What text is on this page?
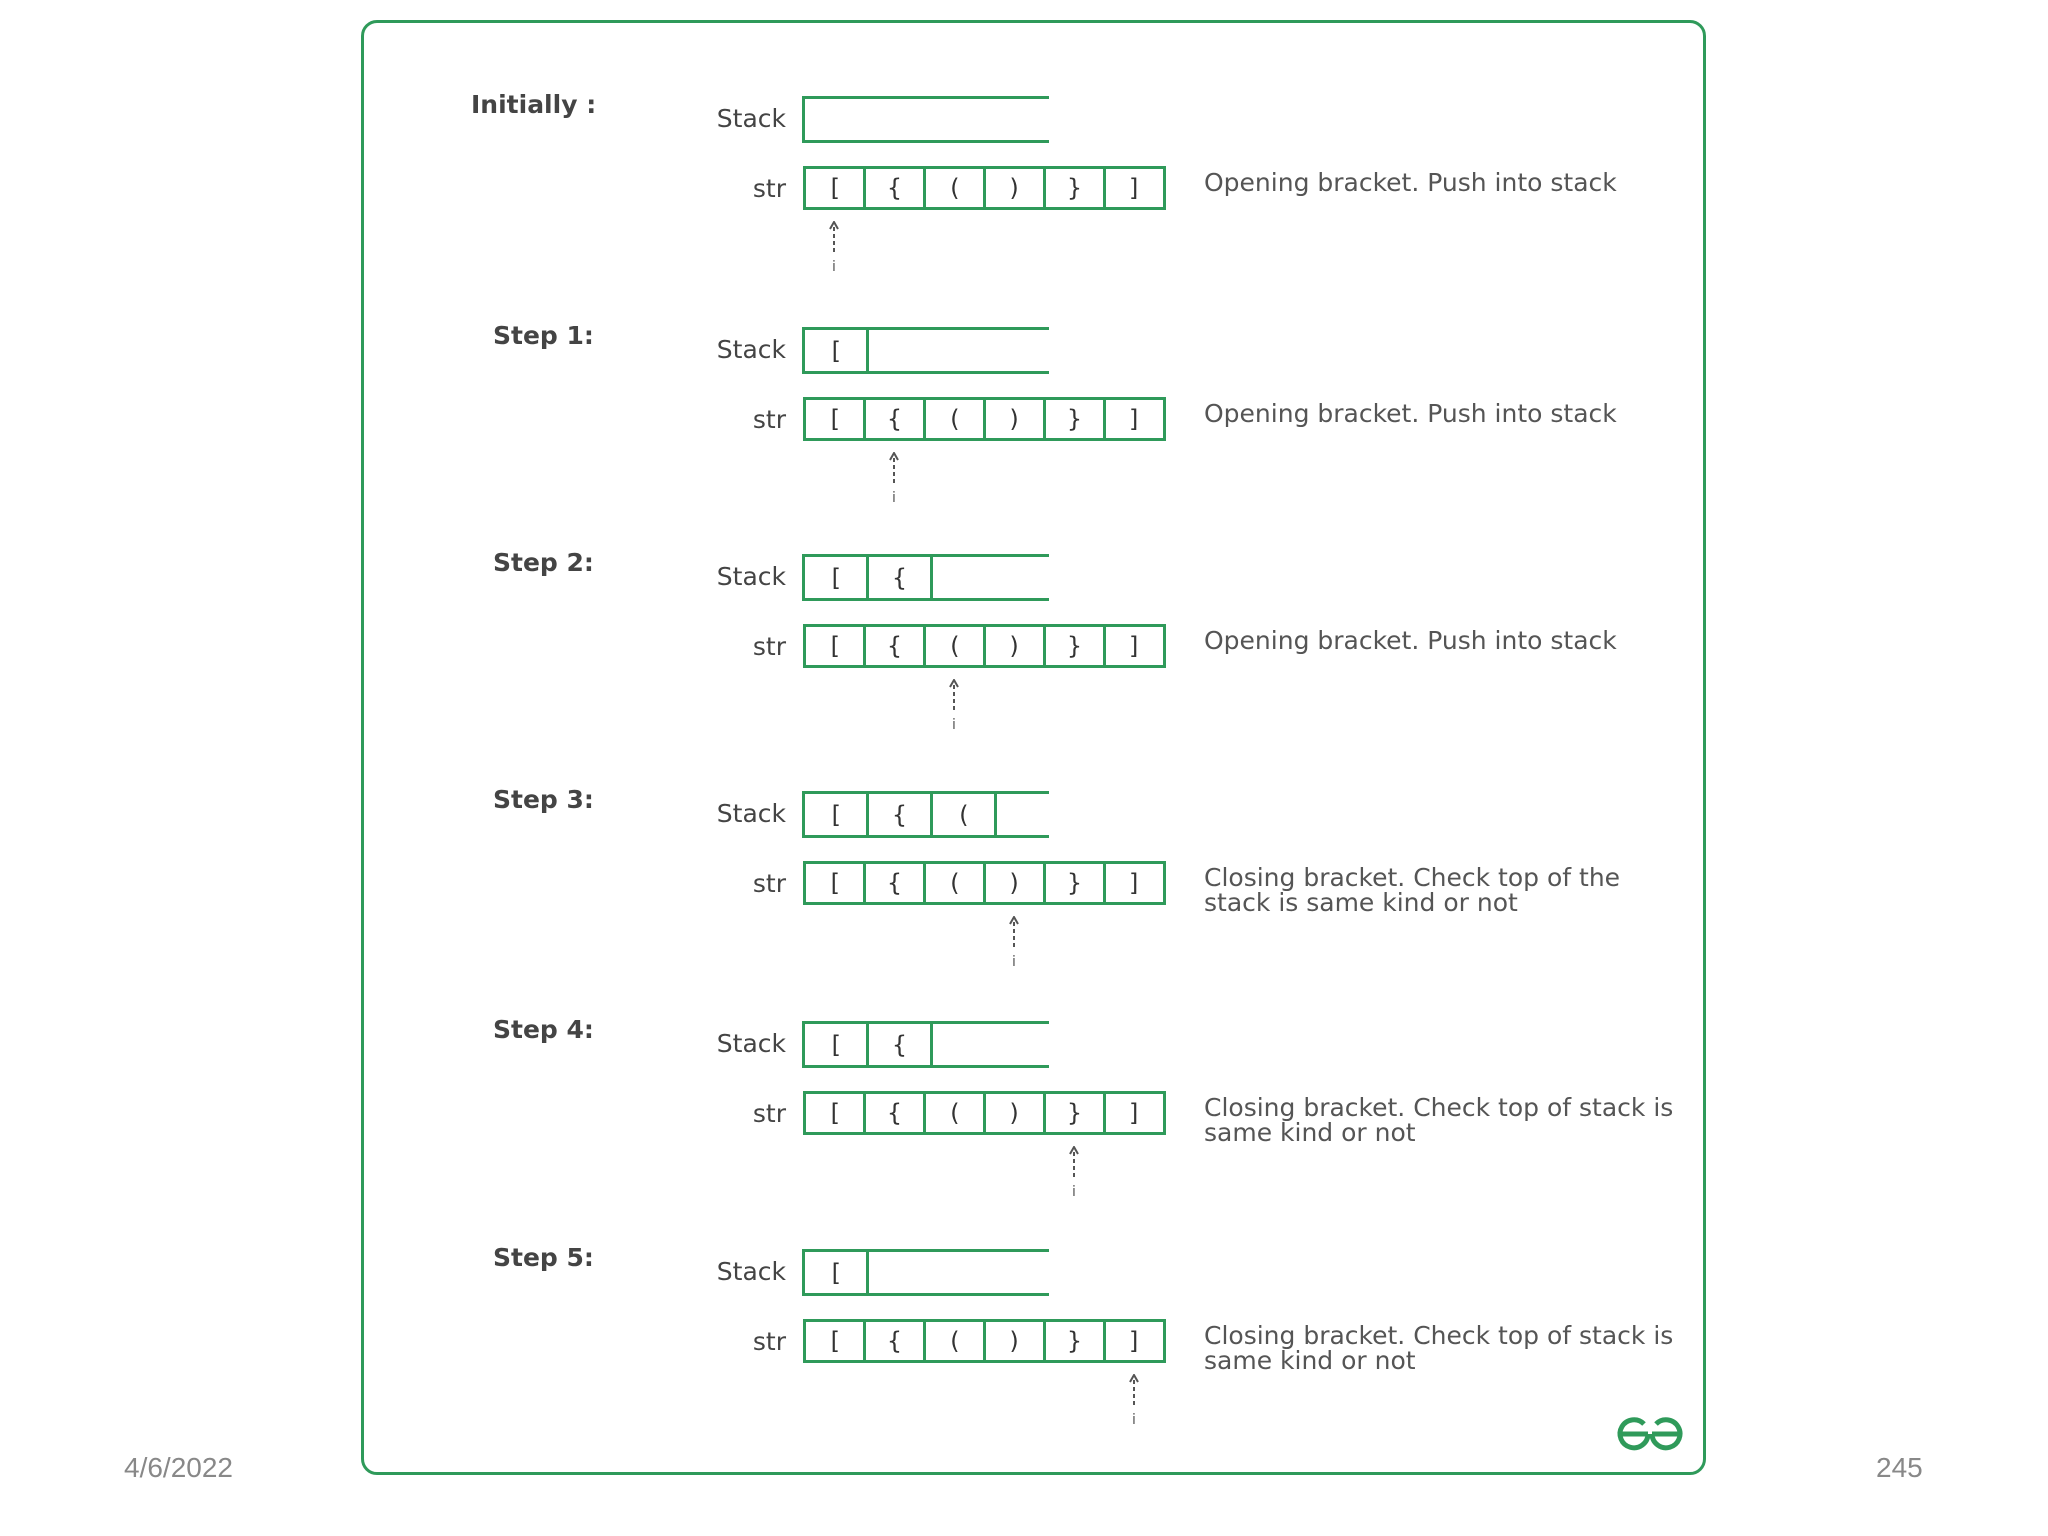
Initially :	Stack
str	[	{	(	)	}	]	Opening bracket. Push into stack
i
Step 1:	Stack	[
str	[	{	(	)	}	]	Opening bracket. Push into stack
i
Step 2:	Stack	[	{
str	[	{	(	)	}	]	Opening bracket. Push into stack
i
Step 3:	Stack	[	{	(
str	[	{	(	)	}	]	Closing bracket. Check top of the stack is same kind or not
i
Step 4:	Stack	[	{
str	[	{	(	)	}	]	Closing bracket. Check top of stack is same kind or not
i
Step 5:	Stack	[
str	[	{	(	)	}	]	Closing bracket. Check top of stack is same kind or not
i
4/6/2022	245
